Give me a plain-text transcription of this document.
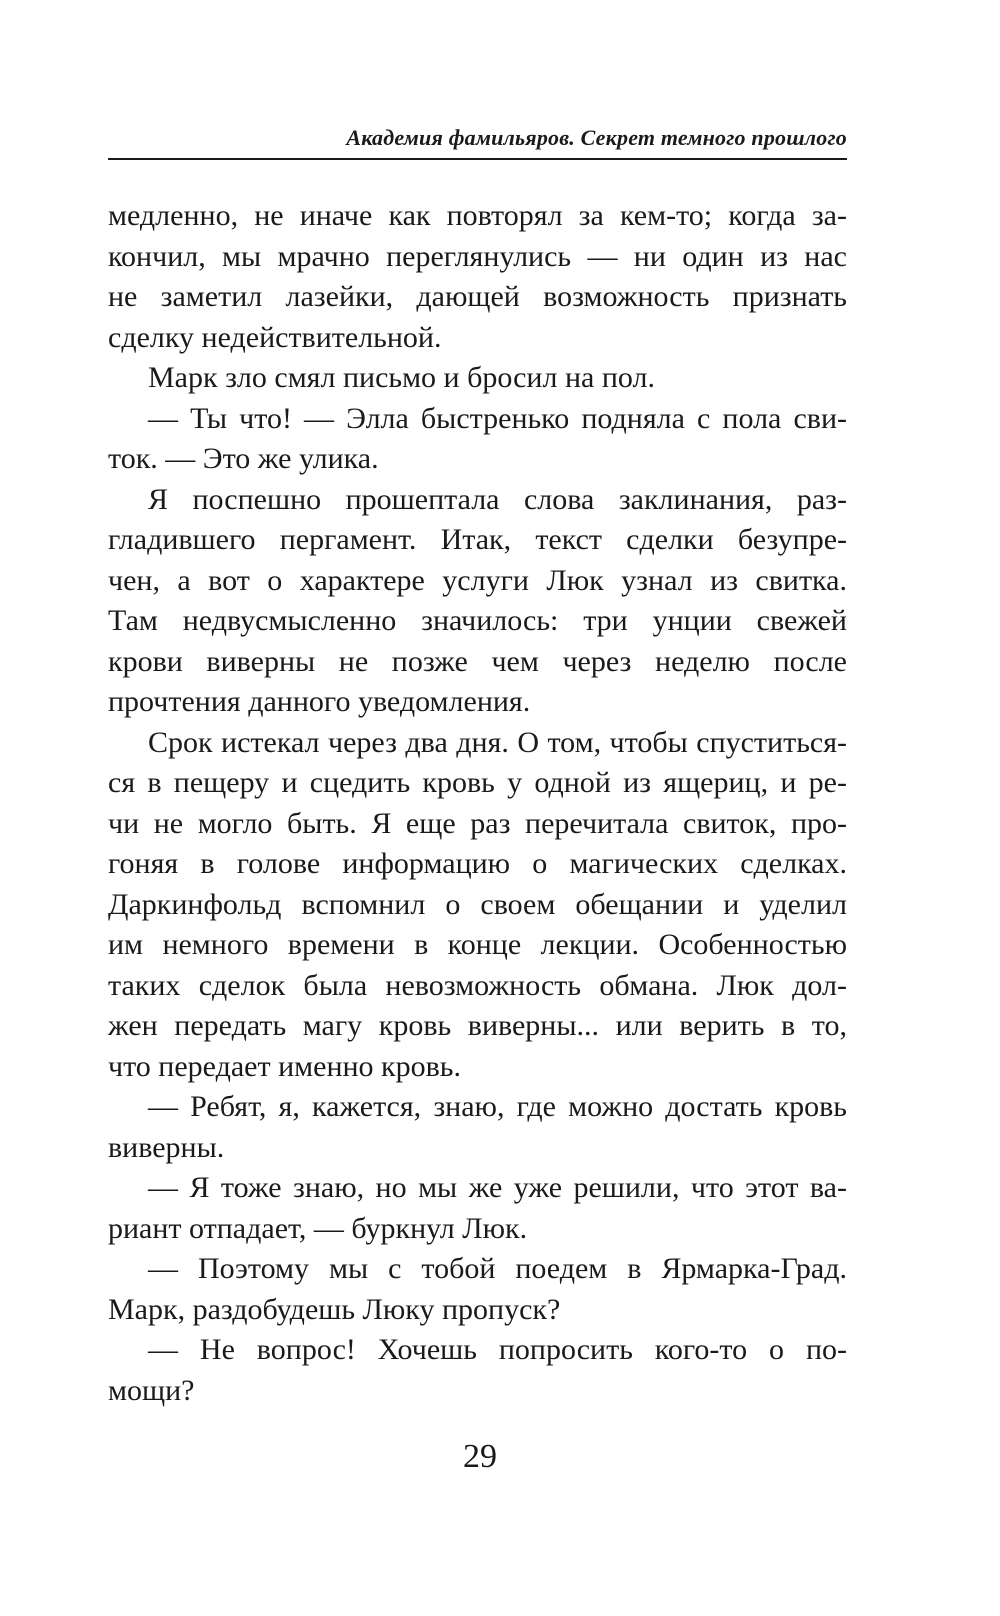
Академия фамильяров. Секрет темного прошлого
медленно, не иначе как повторял за кем-то; когда за-
кончил, мы мрачно переглянулись — ни один из нас
не заметил лазейки, дающей возможность признать
сделку недействительной.
Марк зло смял письмо и бросил на пол.
— Ты что! — Элла быстренько подняла с пола сви-
ток. — Это же улика.
Я поспешно прошептала слова заклинания, раз-
гладившего пергамент. Итак, текст сделки безупре-
чен, а вот о характере услуги Люк узнал из свитка.
Там недвусмысленно значилось: три унции свежей
крови виверны не позже чем через неделю после
прочтения данного уведомления.
Срок истекал через два дня. О том, чтобы спуститься-
ся в пещеру и сцедить кровь у одной из ящериц, и ре-
чи не могло быть. Я еще раз перечитала свиток, про-
гоняя в голове информацию о магических сделках.
Даркинфольд вспомнил о своем обещании и уделил
им немного времени в конце лекции. Особенностью
таких сделок была невозможность обмана. Люк дол-
жен передать магу кровь виверны... или верить в то,
что передает именно кровь.
— Ребят, я, кажется, знаю, где можно достать кровь
виверны.
— Я тоже знаю, но мы же уже решили, что этот ва-
риант отпадает, — буркнул Люк.
— Поэтому мы с тобой поедем в Ярмарка-Град.
Марк, раздобудешь Люку пропуск?
— Не вопрос! Хочешь попросить кого-то о по-
мощи?
29
